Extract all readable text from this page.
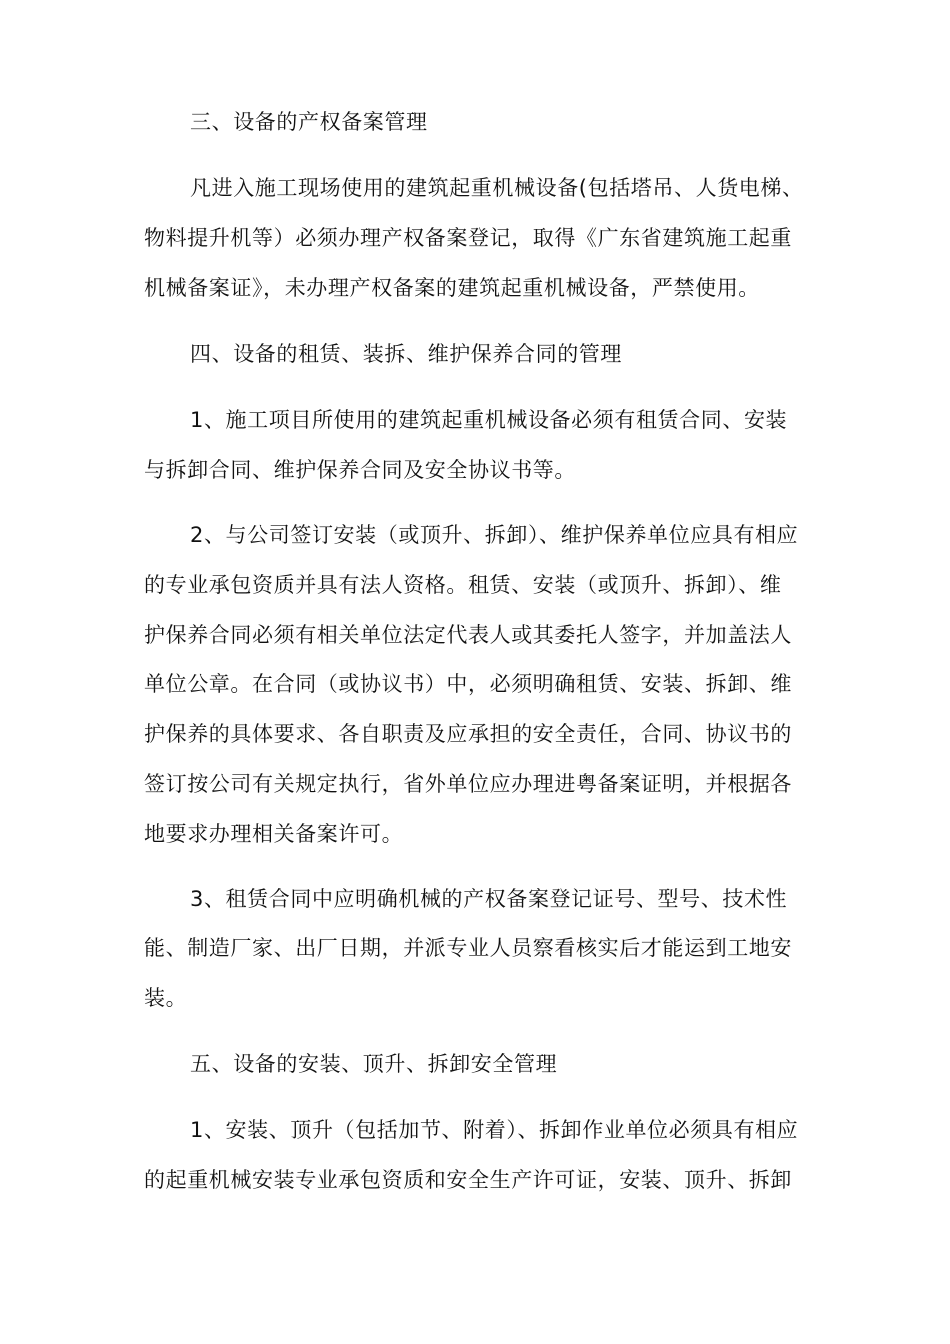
三、设备的产权备案管理
凡进入施工现场使用的建筑起重机械设备(包括塔吊、人货电梯、
物料提升机等）必须办理产权备案登记，取得《广东省建筑施工起重
机械备案证》，未办理产权备案的建筑起重机械设备，严禁使用。
四、设备的租赁、装拆、维护保养合同的管理
1、施工项目所使用的建筑起重机械设备必须有租赁合同、安装
与拆卸合同、维护保养合同及安全协议书等。
2、与公司签订安装（或顶升、拆卸）、维护保养单位应具有相应
的专业承包资质并具有法人资格。租赁、安装（或顶升、拆卸）、维
护保养合同必须有相关单位法定代表人或其委托人签字，并加盖法人
单位公章。在合同（或协议书）中，必须明确租赁、安装、拆卸、维
护保养的具体要求、各自职责及应承担的安全责任，合同、协议书的
签订按公司有关规定执行，省外单位应办理进粤备案证明，并根据各
地要求办理相关备案许可。
3、租赁合同中应明确机械的产权备案登记证号、型号、技术性
能、制造厂家、出厂日期，并派专业人员察看核实后才能运到工地安
装。
五、设备的安装、顶升、拆卸安全管理
1、安装、顶升（包括加节、附着）、拆卸作业单位必须具有相应
的起重机械安装专业承包资质和安全生产许可证，安装、顶升、拆卸
